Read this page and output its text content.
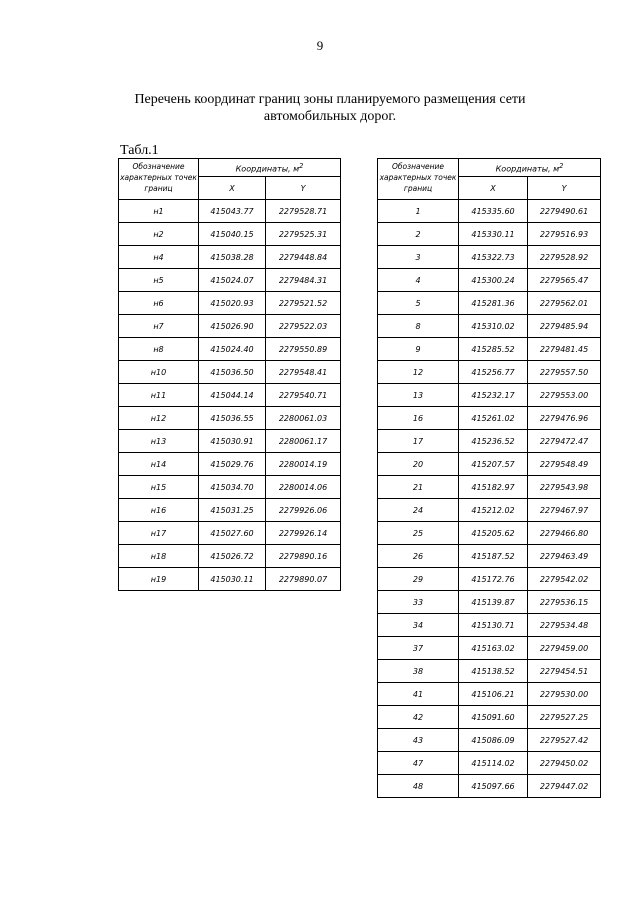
9
Перечень координат границ зоны планируемого размещения сети
автомобильных дорог.
Табл.1
Обозначение характерных точек границ	Координаты, $м^2$
	X	Y
н1	415043.77	2279528.71
н2	415040.15	2279525.31
н4	415038.28	2279448.84
н5	415024.07	2279484.31
н6	415020.93	2279521.52
н7	415026.90	2279522.03
н8	415024.40	2279550.89
н10	415036.50	2279548.41
н11	415044.14	2279540.71
н12	415036.55	2280061.03
н13	415030.91	2280061.17
н14	415029.76	2280014.19
н15	415034.70	2280014.06
н16	415031.25	2279926.06
н17	415027.60	2279926.14
н18	415026.72	2279890.16
н19	415030.11	2279890.07
Обозначение характерных точек границ	Координаты, $м^2$
	X	Y
1	415335.60	2279490.61
2	415330.11	2279516.93
3	415322.73	2279528.92
4	415300.24	2279565.47
5	415281.36	2279562.01
8	415310.02	2279485.94
9	415285.52	2279481.45
12	415256.77	2279557.50
13	415232.17	2279553.00
16	415261.02	2279476.96
17	415236.52	2279472.47
20	415207.57	2279548.49
21	415182.97	2279543.98
24	415212.02	2279467.97
25	415205.62	2279466.80
26	415187.52	2279463.49
29	415172.76	2279542.02
33	415139.87	2279536.15
34	415130.71	2279534.48
37	415163.02	2279459.00
38	415138.52	2279454.51
41	415106.21	2279530.00
42	415091.60	2279527.25
43	415086.09	2279527.42
47	415114.02	2279450.02
48	415097.66	2279447.02
